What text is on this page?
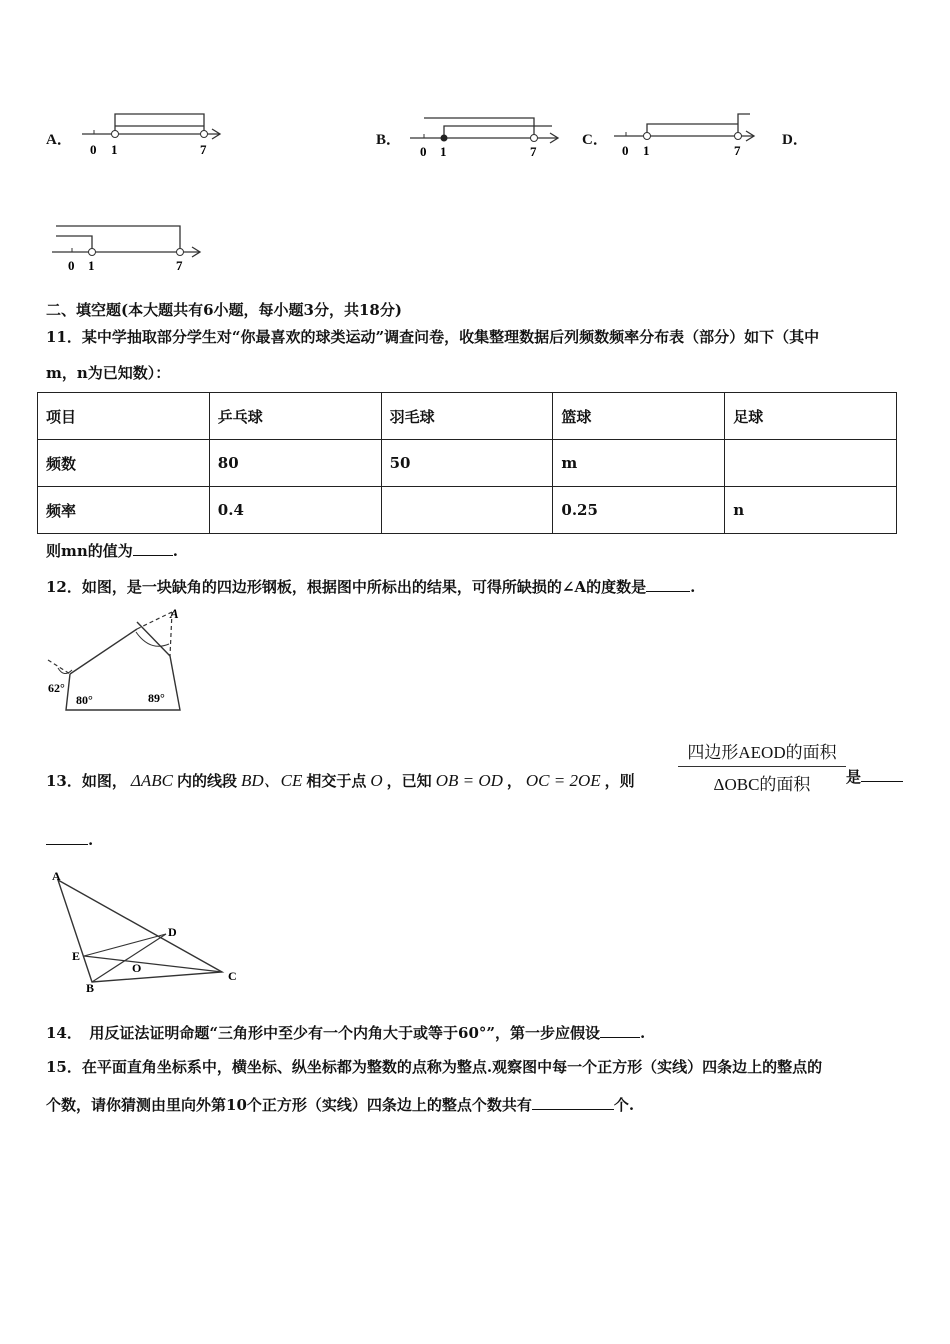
A．
0 1	7
B．
0 1	7
C．
0 1	7
D．
0 1	7
二、填空题(本大题共有6小题，每小题3分，共18分)
11．某中学抽取部分学生对“你最喜欢的球类运动”调查问卷，收集整理数据后列频数频率分布表（部分）如下（其中
m，n为已知数）：
项目	乒乓球	羽毛球	篮球	足球
频数	80	50	m	
频率	0.4		0.25	n
则mn的值为	.
12．如图，是一块缺角的四边形钢板，根据图中所标出的结果，可得所缺损的∠A的度数是	.
A
62°
80°	89°
13．如图， ΔABC 内的线段 BD、CE 相交于点 O ，已知 OB = OD ， OC = 2OE ，则
四边形AEOD的面积
ΔOBC的面积	是
.
A
D
E
O
B
C
14．　用反证法证明命题“三角形中至少有一个内角大于或等于60°”，第一步应假设	.
15．在平面直角坐标系中，横坐标、纵坐标都为整数的点称为整点.观察图中每一个正方形（实线）四条边上的整点的
个数，请你猜测由里向外第10个正方形（实线）四条边上的整点个数共有	个.
